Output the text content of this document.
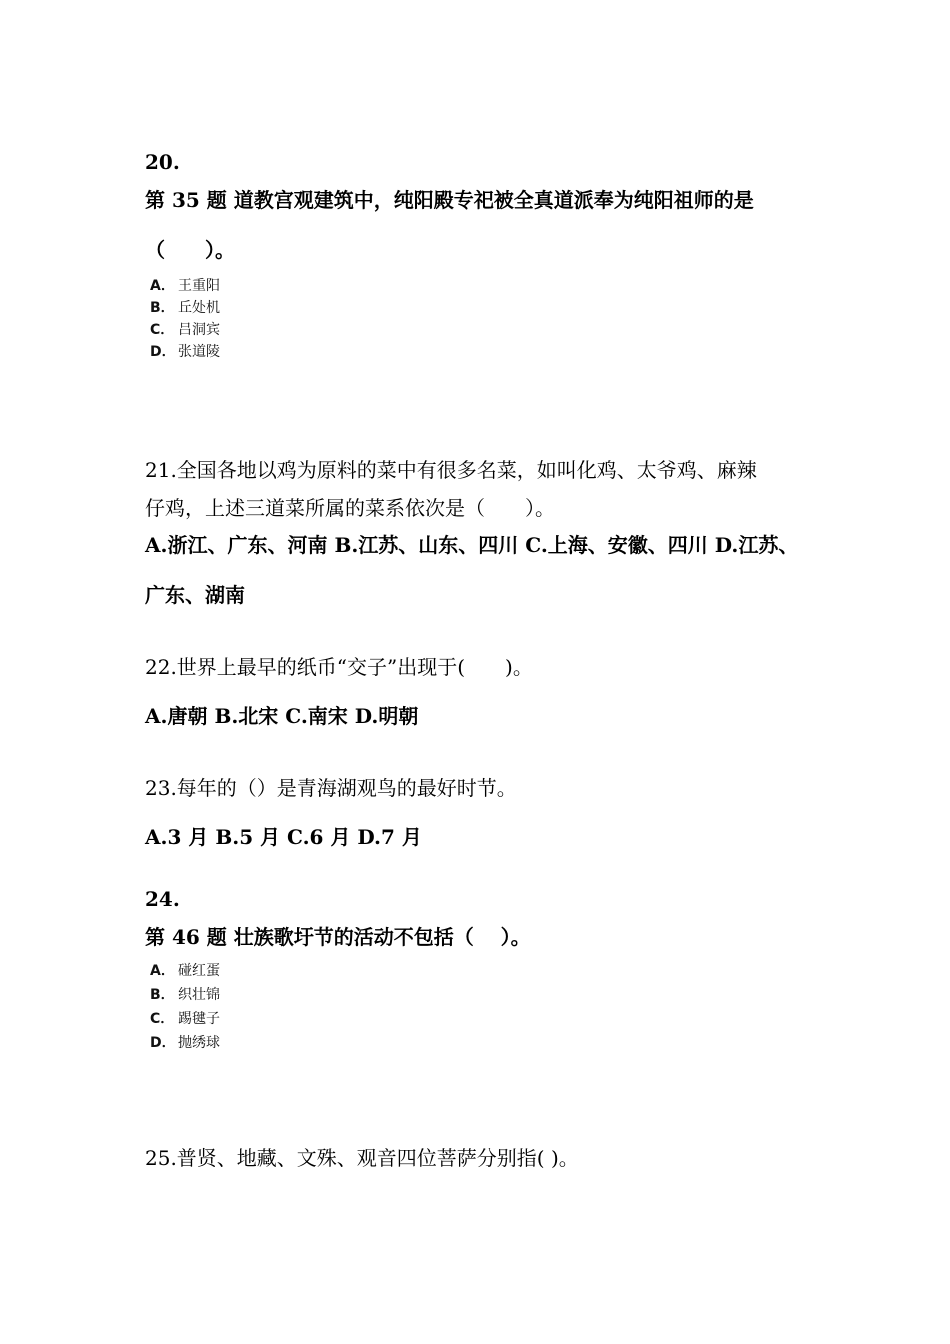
20.
第 35 题 道教宫观建筑中，纯阳殿专祀被全真道派奉为纯阳祖师的是
（　　）。
A． 王重阳
B． 丘处机
C． 吕洞宾
D． 张道陵
21.全国各地以鸡为原料的菜中有很多名菜，如叫化鸡、太爷鸡、麻辣
仔鸡，上述三道菜所属的菜系依次是（　　）。
A.浙江、广东、河南 B.江苏、山东、四川 C.上海、安徽、四川 D.江苏、
广东、湖南
22.世界上最早的纸币“交子”出现于(　　)。
A.唐朝 B.北宋 C.南宋 D.明朝
23.每年的（）是青海湖观鸟的最好时节。
A.3 月 B.5 月 C.6 月 D.7 月
24.
第 46 题 壮族歌圩节的活动不包括（　 ）。
A． 碰红蛋
B． 织壮锦
C． 踢毽子
D． 抛绣球
25.普贤、地藏、文殊、观音四位菩萨分别指( )。
